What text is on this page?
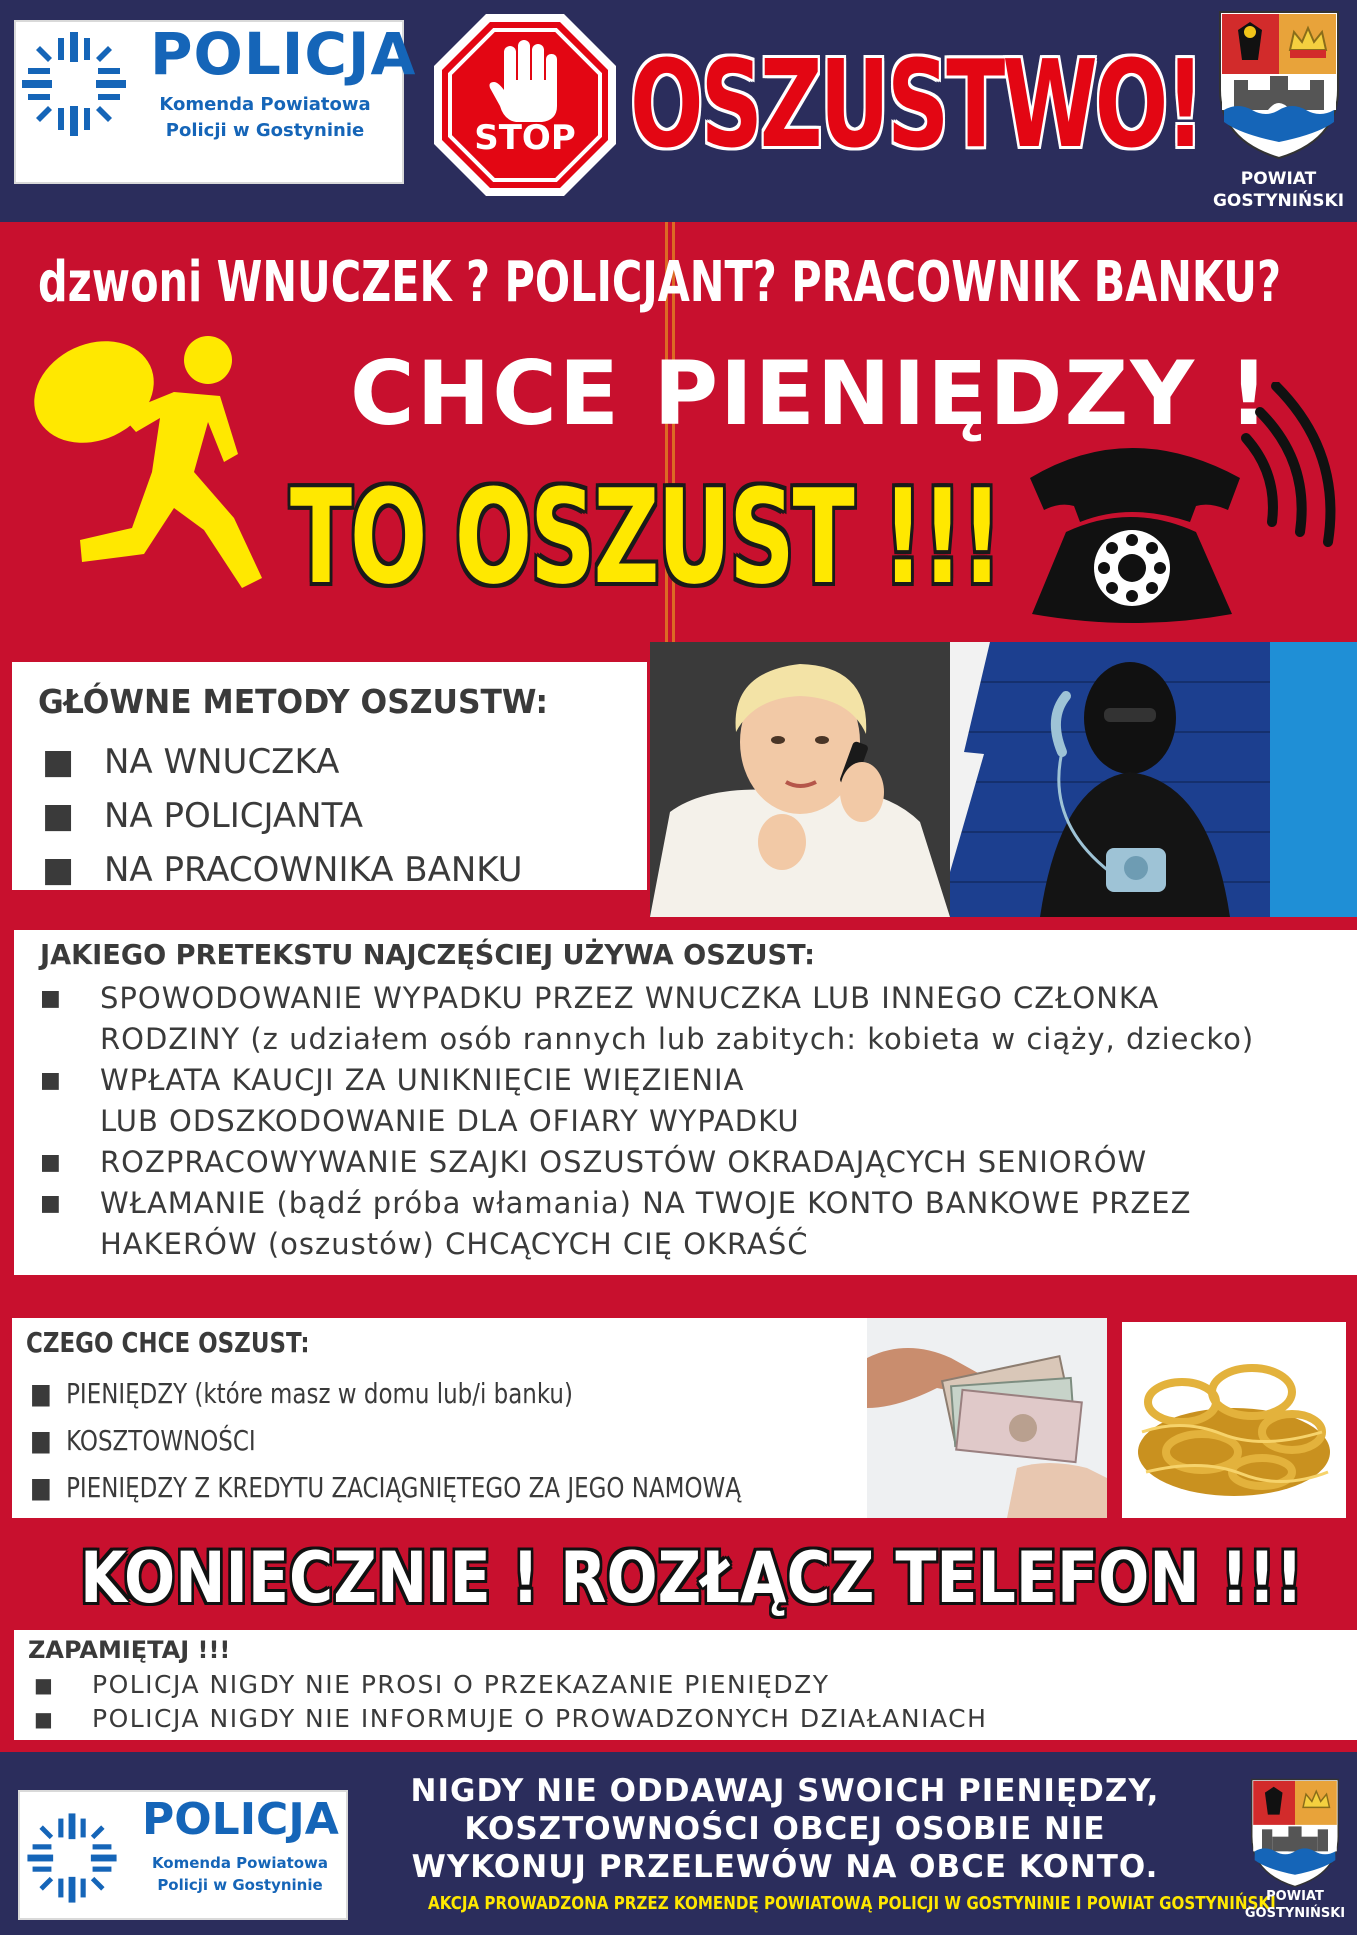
POLICJA
Komenda Powiatowa Policji w Gostyninie	STOP OSZUSTWO!
POWIAT GOSTYNIŃSKI
dzwoni WNUCZEK ? POLICJANT? PRACOWNIK BANKU?
CHCE PIENIĘDZY !
TO OSZUST !!!
GŁÓWNE METODY OSZUSTW:
■ NA WNUCZKA
■ NA POLICJANTA
■ NA PRACOWNIKA BANKU
JAKIEGO PRETEKSTU NAJCZĘŚCIEJ UŻYWA OSZUST:
■ SPOWODOWANIE WYPADKU PRZEZ WNUCZKA LUB INNEGO CZŁONKA
RODZINY (z udziałem osób rannych lub zabitych: kobieta w ciąży, dziecko)
■ WPŁATA KAUCJI ZA UNIKNIĘCIE WIĘZIENIA
LUB ODSZKODOWANIE DLA OFIARY WYPADKU
■ ROZPRACOWYWANIE SZAJKI OSZUSTÓW OKRADAJĄCYCH SENIORÓW
■ WŁAMANIE (bądź próba włamania) NA TWOJE KONTO BANKOWE PRZEZ
HAKERÓW (oszustów) CHCĄCYCH CIĘ OKRAŚĆ
CZEGO CHCE OSZUST:
■ PIENIĘDZY (które masz w domu lub/i banku)
■ KOSZTOWNOŚCI
■ PIENIĘDZY Z KREDYTU ZACIĄGNIĘTEGO ZA JEGO NAMOWĄ
KONIECZNIE ! ROZŁĄCZ TELEFON !!!
ZAPAMIĘTAJ !!!
■ POLICJA NIGDY NIE PROSI O PRZEKAZANIE PIENIĘDZY
■ POLICJA NIGDY NIE INFORMUJE O PROWADZONYCH DZIAŁANIACH
POLICJA
Komenda Powiatowa Policji w Gostyninie
NIGDY NIE ODDAWAJ SWOICH PIENIĘDZY,
KOSZTOWNOŚCI OBCEJ OSOBIE NIE
WYKONUJ PRZELEWÓW NA OBCE KONTO.
AKCJA PROWADZONA PRZEZ KOMENDĘ POWIATOWĄ POLICJI W GOSTYNINIE I POWIAT GOSTYNIŃSKI
POWIAT GOSTYNIŃSKI
